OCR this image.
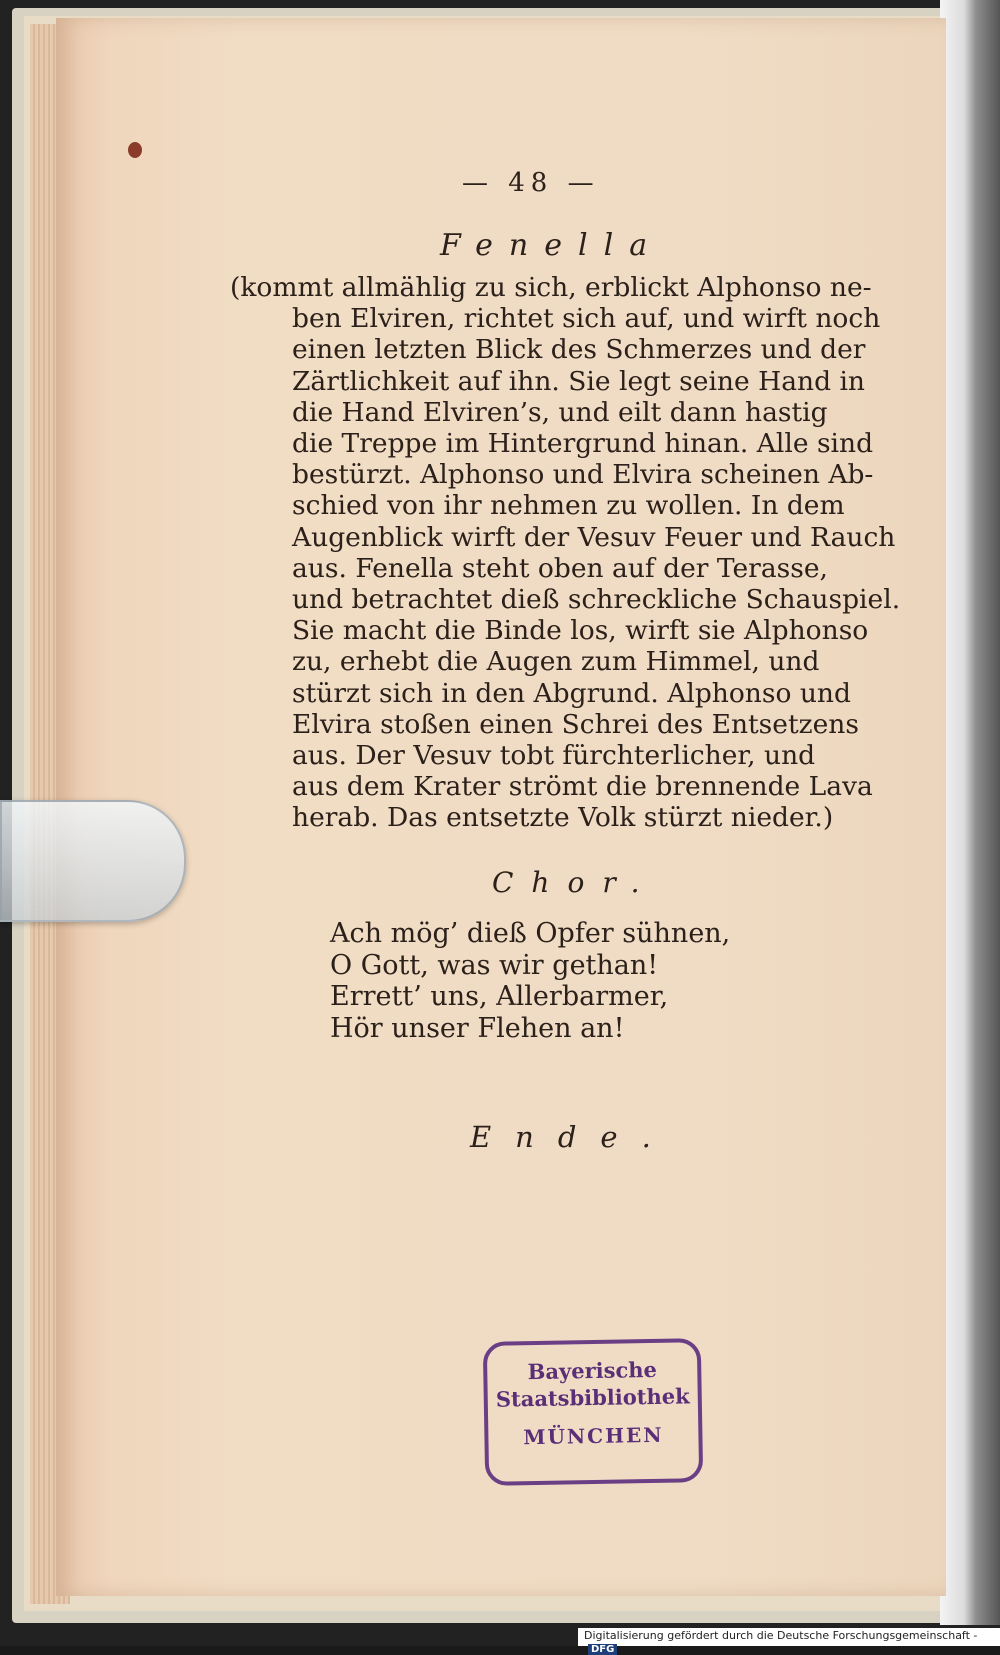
— 48 —
Fenella
(kommt allmählig zu sich, erblickt Alphonso ne-
ben Elviren, richtet sich auf, und wirft noch
einen letzten Blick des Schmerzes und der
Zärtlichkeit auf ihn. Sie legt seine Hand in
die Hand Elviren’s, und eilt dann hastig
die Treppe im Hintergrund hinan. Alle sind
bestürzt. Alphonso und Elvira scheinen Ab-
schied von ihr nehmen zu wollen. In dem
Augenblick wirft der Vesuv Feuer und Rauch
aus. Fenella steht oben auf der Terasse,
und betrachtet dieß schreckliche Schauspiel.
Sie macht die Binde los, wirft sie Alphonso
zu, erhebt die Augen zum Himmel, und
stürzt sich in den Abgrund. Alphonso und
Elvira stoßen einen Schrei des Entsetzens
aus. Der Vesuv tobt fürchterlicher, und
aus dem Krater strömt die brennende Lava
herab. Das entsetzte Volk stürzt nieder.)
Chor.
Ach mög’ dieß Opfer sühnen,
O Gott, was wir gethan!
Errett’ uns, Allerbarmer,
Hör unser Flehen an!
Ende.
Bayerische
Staatsbibliothek
MÜNCHEN
Digitalisierung gefördert durch die Deutsche Forschungsgemeinschaft -DFG
